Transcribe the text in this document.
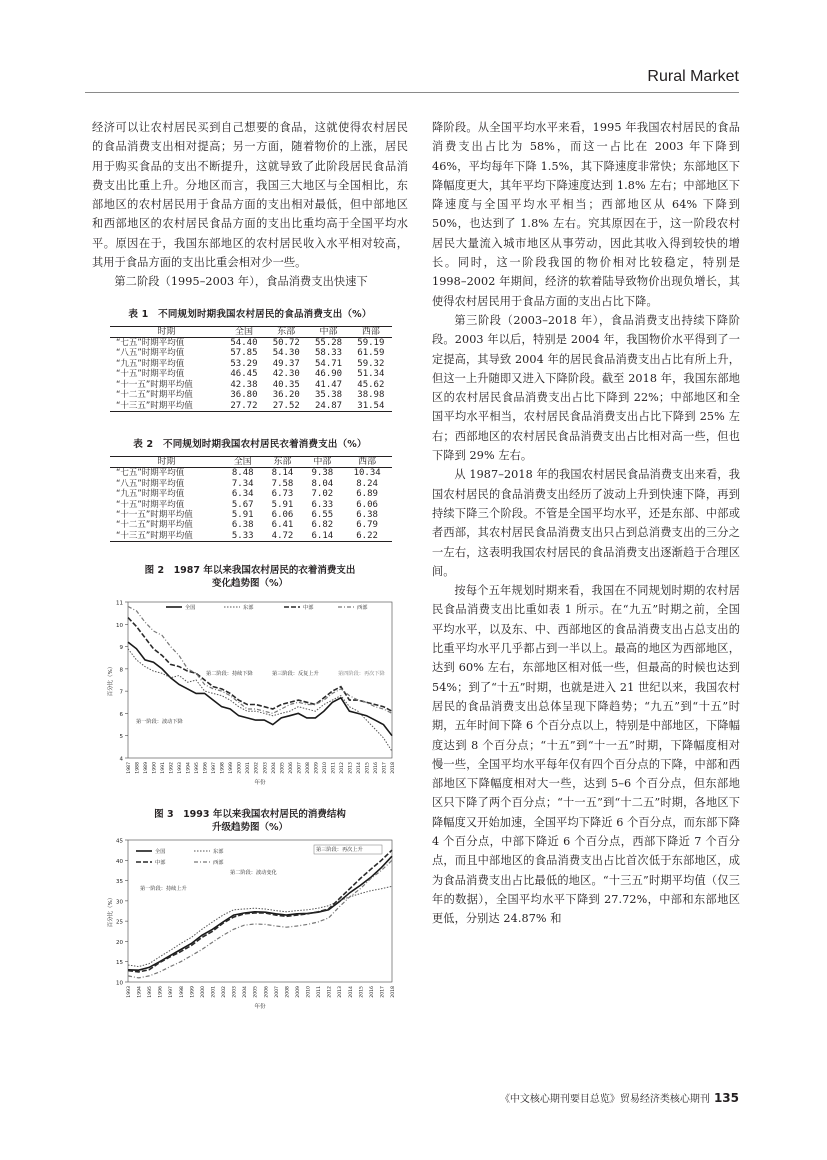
Rural Market

经济可以让农村居民买到自己想要的食品，这就使得农村居民的食品消费支出相对提高；另一方面，随着物价的上涨，居民用于购买食品的支出不断提升，这就导致了此阶段居民食品消费支出比重上升。分地区而言，我国三大地区与全国相比，东部地区的农村居民用于食品方面的支出相对最低，但中部地区和西部地区的农村居民食品方面的支出比重均高于全国平均水平。原因在于，我国东部地区的农村居民收入水平相对较高，其用于食品方面的支出比重会相对少一些。

第二阶段（1995–2003 年），食品消费支出快速下

表 1　不同规划时期我国农村居民的食品消费支出（%）

时期	全国	东部	中部	西部
“七五”时期平均值	54.40	50.72	55.28	59.19
“八五”时期平均值	57.85	54.30	58.33	61.59
“九五”时期平均值	53.29	49.37	54.71	59.32
“十五”时期平均值	46.45	42.30	46.90	51.34
“十一五”时期平均值	42.38	40.35	41.47	45.62
“十二五”时期平均值	36.80	36.20	35.38	38.98
“十三五”时期平均值	27.72	27.52	24.87	31.54

表 2　不同规划时期我国农村居民衣着消费支出（%）

时期	全国	东部	中部	西部
“七五”时期平均值	8.48	8.14	9.38	10.34
“八五”时期平均值	7.34	7.58	8.04	8.24
“九五”时期平均值	6.34	6.73	7.02	6.89
“十五”时期平均值	5.67	5.91	6.33	6.06
“十一五”时期平均值	5.91	6.06	6.55	6.38
“十二五”时期平均值	6.38	6.41	6.82	6.79
“十三五”时期平均值	5.33	4.72	6.14	6.22

图 2　1987 年以来我国农村居民的衣着消费支出

变化趋势图（%）

4
5
6
7
8
9
10
11
1987 1988 1989 1990 1991 1992 1993 1994 1995 1996 1997 1998 1999 2000 2001 2002 2003 2004 2005 2006 2007 2008 2009 2010 2011 2012 2013 2014 2015 2016 2017 2018
年份
百分比（%）
全国	东部	中部	西部
第一阶段：波动下降
第二阶段：持续下降	第三阶段：反复上升	第四阶段：再次下降

图 3　1993 年以来我国农村居民的消费结构

升级趋势图（%）

10
15
20
25
30
35
40
45
1993 1994 1995 1996 1997 1998 1999 2000 2001 2002 2003 2004 2005 2006 2007 2008 2009 2010 2011 2012 2013 2014 2015 2016 2017 2018
年份
百分比（%）
全国	东部
中部	西部
第一阶段：持续上升
第二阶段：波动变化
第三阶段：再次上升

降阶段。从全国平均水平来看，1995 年我国农村居民的食品消费支出占比为 58%，而这一占比在 2003 年下降到 46%，平均每年下降 1.5%，其下降速度非常快；东部地区下降幅度更大，其年平均下降速度达到 1.8% 左右；中部地区下降速度与全国平均水平相当；西部地区从 64% 下降到 50%，也达到了 1.8% 左右。究其原因在于，这一阶段农村居民大量流入城市地区从事劳动，因此其收入得到较快的增长。同时，这一阶段我国的物价相对比较稳定，特别是 1998–2002 年期间，经济的软着陆导致物价出现负增长，其使得农村居民用于食品方面的支出占比下降。

第三阶段（2003–2018 年），食品消费支出持续下降阶段。2003 年以后，特别是 2004 年，我国物价水平得到了一定提高，其导致 2004 年的居民食品消费支出占比有所上升，但这一上升随即又进入下降阶段。截至 2018 年，我国东部地区的农村居民食品消费支出占比下降到 22%；中部地区和全国平均水平相当，农村居民食品消费支出占比下降到 25% 左右；西部地区的农村居民食品消费支出占比相对高一些，但也下降到 29% 左右。

从 1987–2018 年的我国农村居民食品消费支出来看，我国农村居民的食品消费支出经历了波动上升到快速下降，再到持续下降三个阶段。不管是全国平均水平，还是东部、中部或者西部，其农村居民食品消费支出只占到总消费支出的三分之一左右，这表明我国农村居民的食品消费支出逐渐趋于合理区间。

按每个五年规划时期来看，我国在不同规划时期的农村居民食品消费支出比重如表 1 所示。在“九五”时期之前，全国平均水平，以及东、中、西部地区的食品消费支出占总支出的比重平均水平几乎都占到一半以上。最高的地区为西部地区，达到 60% 左右，东部地区相对低一些，但最高的时候也达到 54%；到了“十五”时期，也就是进入 21 世纪以来，我国农村居民的食品消费支出总体呈现下降趋势；“九五”到“十五”时期，五年时间下降 6 个百分点以上，特别是中部地区，下降幅度达到 8 个百分点；“十五”到“十一五”时期，下降幅度相对慢一些，全国平均水平每年仅有四个百分点的下降，中部和西部地区下降幅度相对大一些，达到 5–6 个百分点，但东部地区只下降了两个百分点；“十一五”到“十二五”时期，各地区下降幅度又开始加速，全国平均下降近 6 个百分点，而东部下降 4 个百分点，中部下降近 6 个百分点，西部下降近 7 个百分点，而且中部地区的食品消费支出占比首次低于东部地区，成为食品消费支出占比最低的地区。“十三五”时期平均值（仅三年的数据），全国平均水平下降到 27.72%，中部和东部地区更低，分别达 24.87% 和

《中文核心期刊要目总览》贸易经济类核心期刊 135
